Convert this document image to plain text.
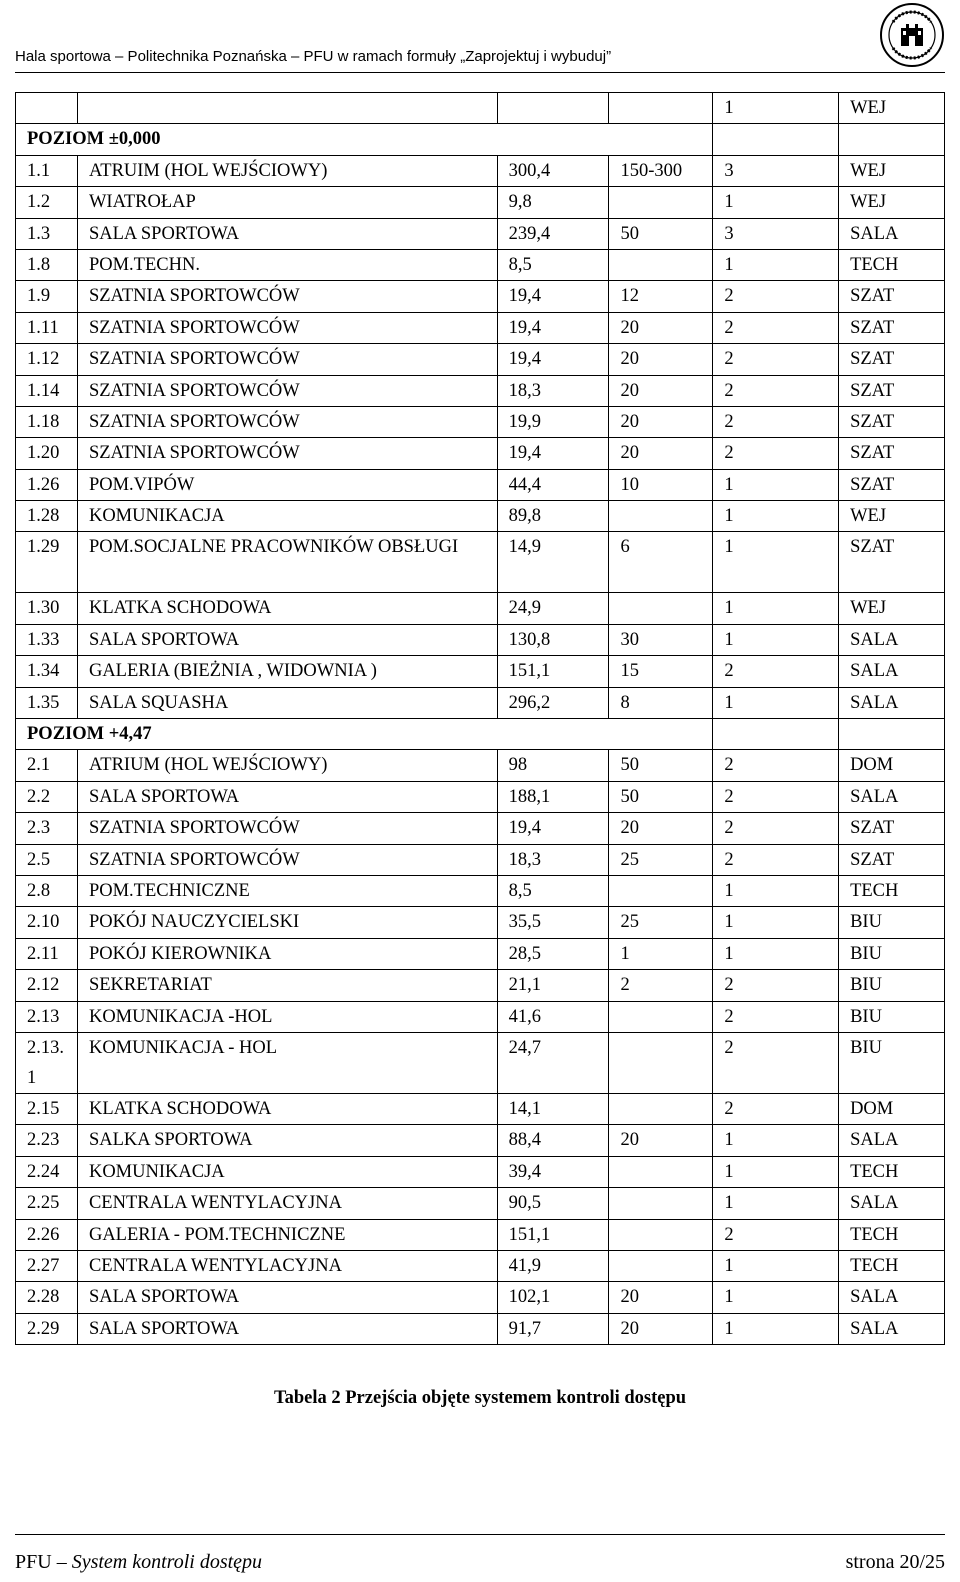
Hala sportowa – Politechnika Poznańska – PFU w ramach formuły „Zaprojektuj i wybuduj”
				1	WEJ
POZIOM ±0,000					
1.1	ATRUIM (HOL WEJŚCIOWY)	300,4	150-300	3	WEJ
1.2	WIATROŁAP	9,8		1	WEJ
1.3	SALA SPORTOWA	239,4	50	3	SALA
1.8	POM.TECHN.	8,5		1	TECH
1.9	SZATNIA SPORTOWCÓW	19,4	12	2	SZAT
1.11	SZATNIA SPORTOWCÓW	19,4	20	2	SZAT
1.12	SZATNIA SPORTOWCÓW	19,4	20	2	SZAT
1.14	SZATNIA SPORTOWCÓW	18,3	20	2	SZAT
1.18	SZATNIA SPORTOWCÓW	19,9	20	2	SZAT
1.20	SZATNIA SPORTOWCÓW	19,4	20	2	SZAT
1.26	POM.VIPÓW	44,4	10	1	SZAT
1.28	KOMUNIKACJA	89,8		1	WEJ
1.29	POM.SOCJALNE PRACOWNIKÓW OBSŁUGI	14,9	6	1	SZAT
1.30	KLATKA SCHODOWA	24,9		1	WEJ
1.33	SALA SPORTOWA	130,8	30	1	SALA
1.34	GALERIA (BIEŻNIA , WIDOWNIA )	151,1	15	2	SALA
1.35	SALA SQUASHA	296,2	8	1	SALA
POZIOM +4,47					
2.1	ATRIUM (HOL WEJŚCIOWY)	98	50	2	DOM
2.2	SALA SPORTOWA	188,1	50	2	SALA
2.3	SZATNIA SPORTOWCÓW	19,4	20	2	SZAT
2.5	SZATNIA SPORTOWCÓW	18,3	25	2	SZAT
2.8	POM.TECHNICZNE	8,5		1	TECH
2.10	POKÓJ NAUCZYCIELSKI	35,5	25	1	BIU
2.11	POKÓJ KIEROWNIKA	28,5	1	1	BIU
2.12	SEKRETARIAT	21,1	2	2	BIU
2.13	KOMUNIKACJA -HOL	41,6		2	BIU
2.13. 1	KOMUNIKACJA - HOL	24,7		2	BIU
2.15	KLATKA SCHODOWA	14,1		2	DOM
2.23	SALKA SPORTOWA	88,4	20	1	SALA
2.24	KOMUNIKACJA	39,4		1	TECH
2.25	CENTRALA WENTYLACYJNA	90,5		1	SALA
2.26	GALERIA - POM.TECHNICZNE	151,1		2	TECH
2.27	CENTRALA WENTYLACYJNA	41,9		1	TECH
2.28	SALA SPORTOWA	102,1	20	1	SALA
2.29	SALA SPORTOWA	91,7	20	1	SALA
Tabela 2 Przejścia objęte systemem kontroli dostępu
PFU – System kontroli dostępu	strona 20/25
